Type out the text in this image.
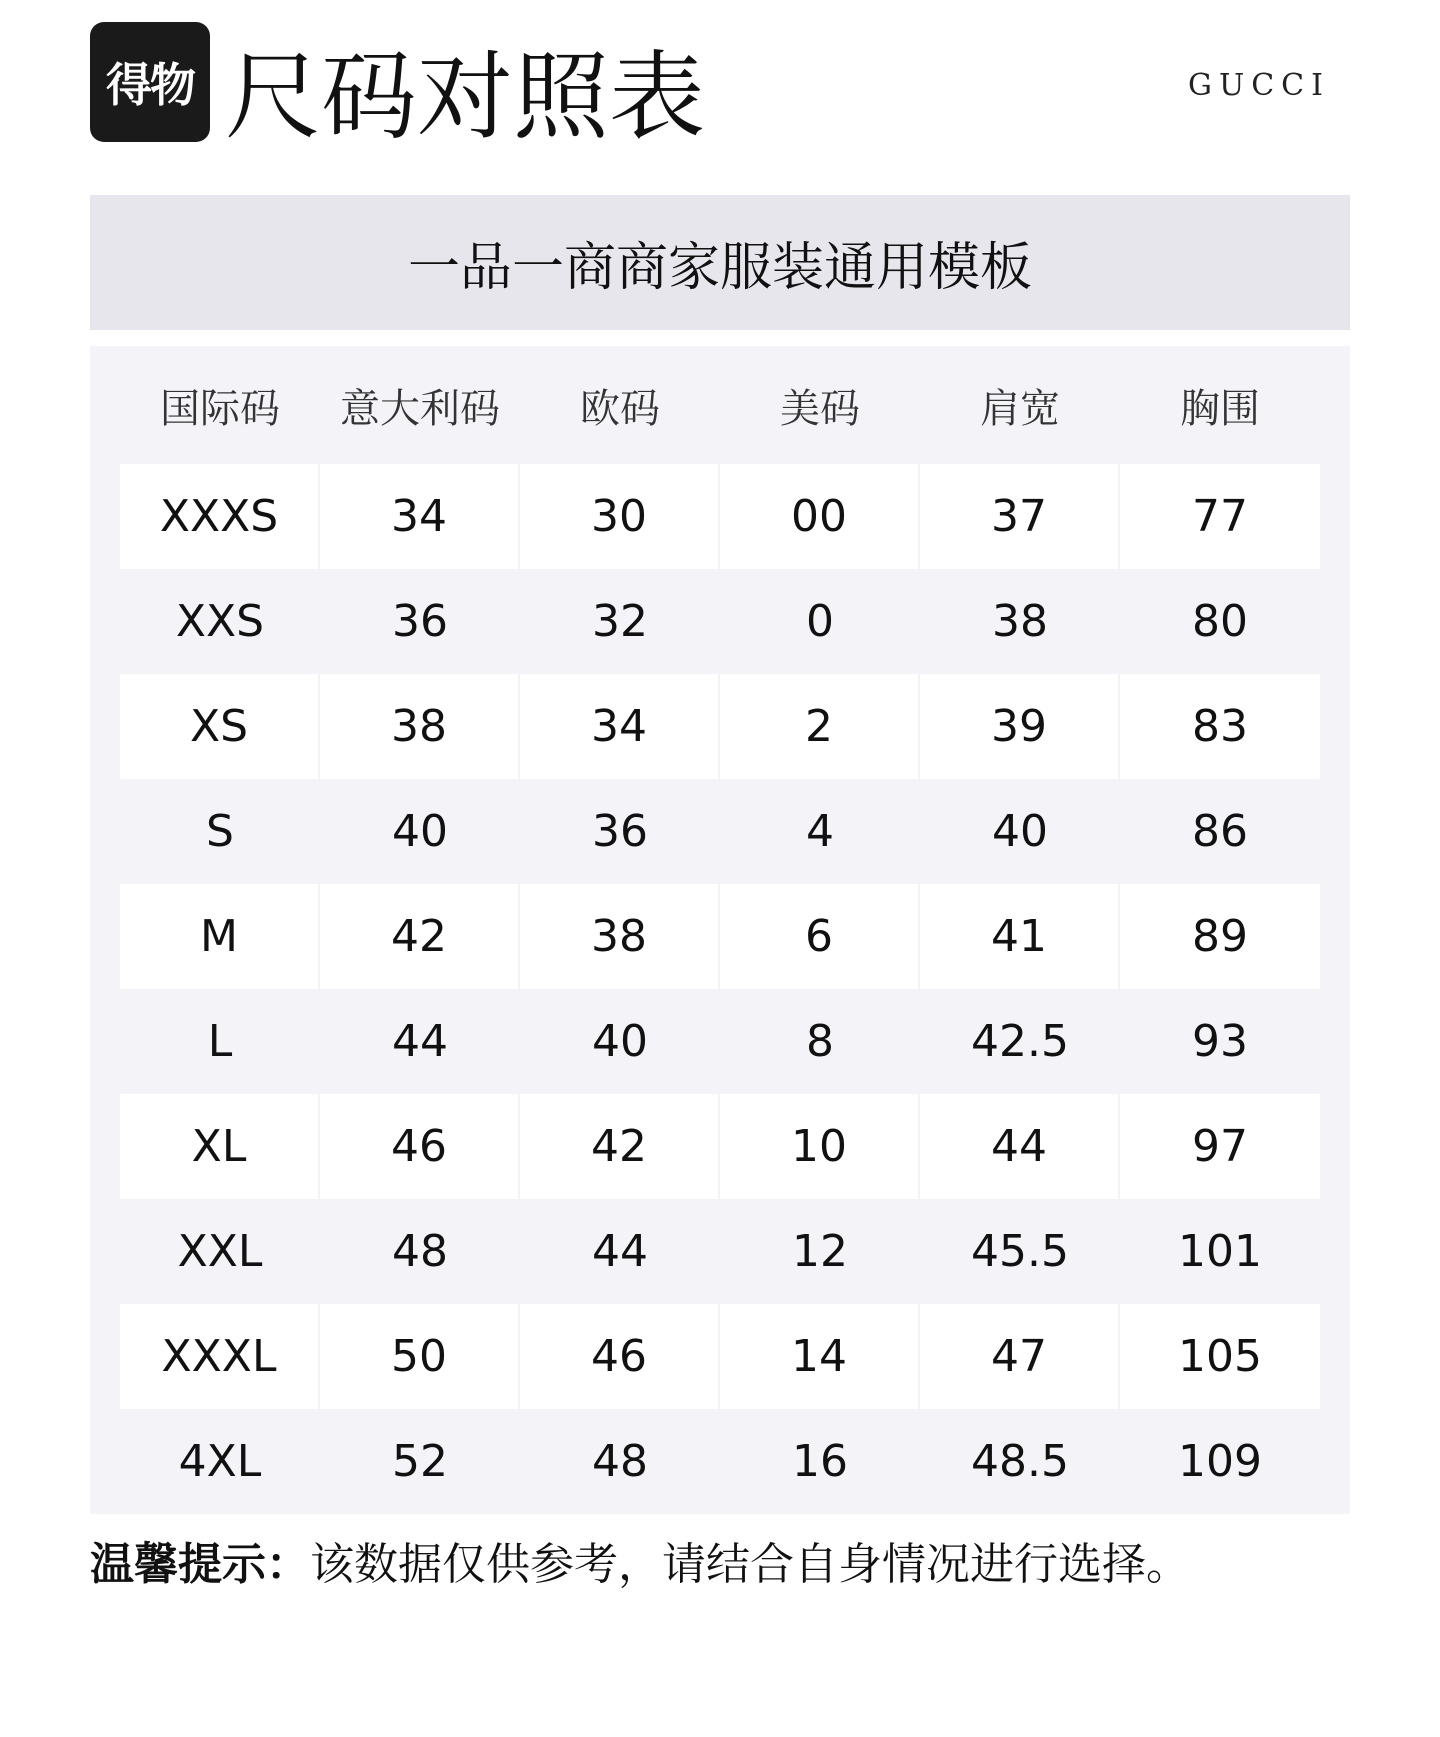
得物 尺码对照表	GUCCI
一品一商商家服装通用模板
国际码	意大利码	欧码	美码	肩宽	胸围
XXXS	34	30	00	37	77
XXS	36	32	0	38	80
XS	38	34	2	39	83
S	40	36	4	40	86
M	42	38	6	41	89
L	44	40	8	42.5	93
XL	46	42	10	44	97
XXL	48	44	12	45.5	101
XXXL	50	46	14	47	105
4XL	52	48	16	48.5	109
温馨提示：该数据仅供参考，请结合自身情况进行选择。
